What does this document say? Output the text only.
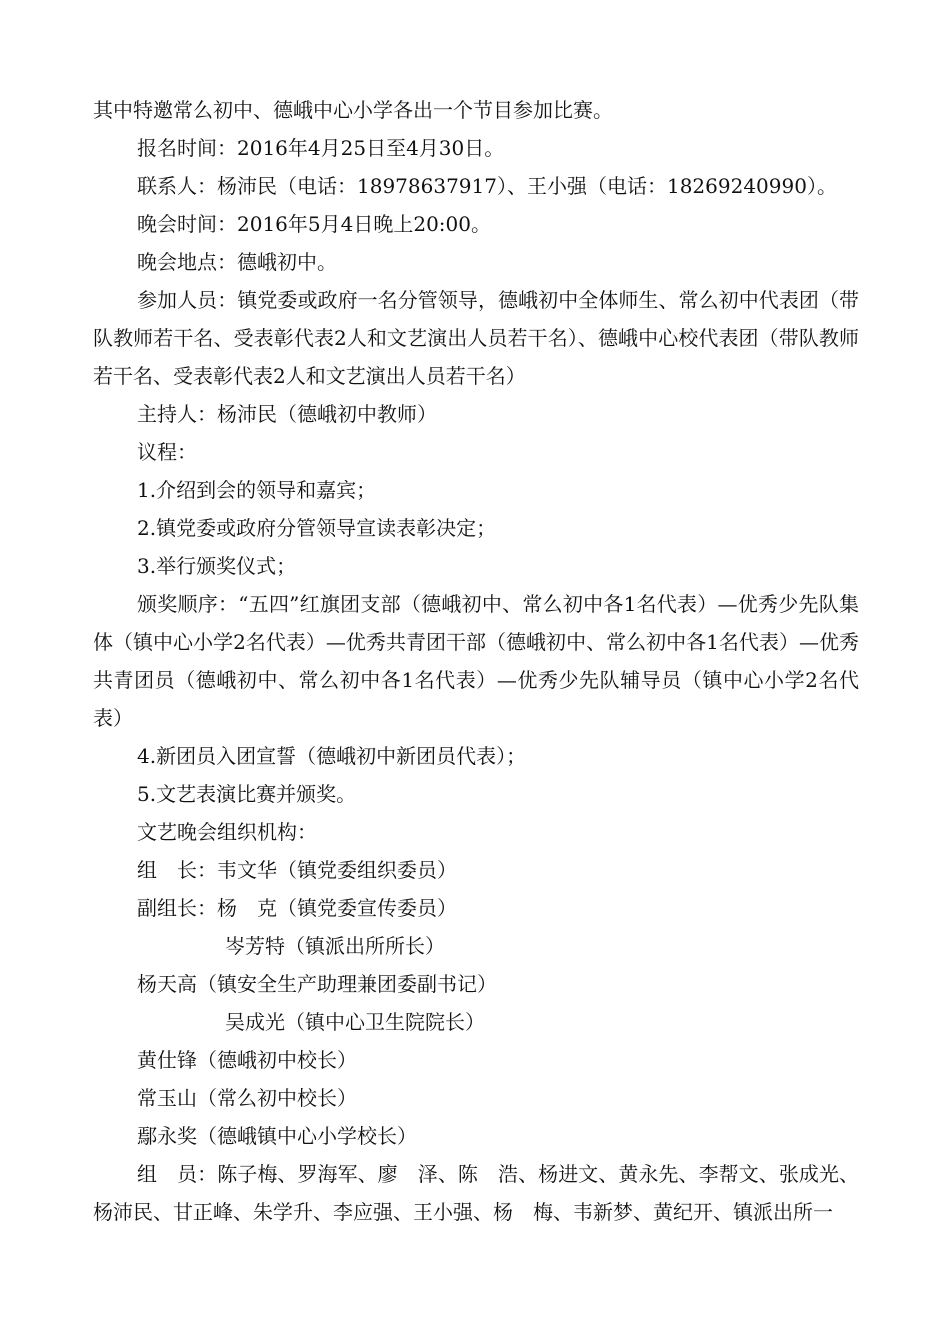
其中特邀常么初中、德峨中心小学各出一个节目参加比赛。

报名时间：2016年4月25日至4月30日。

联系人：杨沛民（电话：18978637917）、王小强（电话：18269240990）。

晚会时间：2016年5月4日晚上20:00。

晚会地点：德峨初中。

参加人员：镇党委或政府一名分管领导，德峨初中全体师生、常么初中代表团（带队教师若干名、受表彰代表2人和文艺演出人员若干名）、德峨中心校代表团（带队教师若干名、受表彰代表2人和文艺演出人员若干名）

主持人：杨沛民（德峨初中教师）

议程：

1.介绍到会的领导和嘉宾；

2.镇党委或政府分管领导宣读表彰决定；

3.举行颁奖仪式；

颁奖顺序：“五四”红旗团支部（德峨初中、常么初中各1名代表）—优秀少先队集体（镇中心小学2名代表）—优秀共青团干部（德峨初中、常么初中各1名代表）—优秀共青团员（德峨初中、常么初中各1名代表）—优秀少先队辅导员（镇中心小学2名代表）

4.新团员入团宣誓（德峨初中新团员代表）；

5.文艺表演比赛并颁奖。

文艺晚会组织机构：

组　长：韦文华（镇党委组织委员）

副组长：杨　克（镇党委宣传委员）

岑芳特（镇派出所所长）

杨天高（镇安全生产助理兼团委副书记）

吴成光（镇中心卫生院院长）

黄仕锋（德峨初中校长）

常玉山（常么初中校长）

鄢永奖（德峨镇中心小学校长）

组　员：陈子梅、罗海军、廖　泽、陈　浩、杨进文、黄永先、李帮文、张成光、杨沛民、甘正峰、朱学升、李应强、王小强、杨　梅、韦新梦、黄纪开、镇派出所一
